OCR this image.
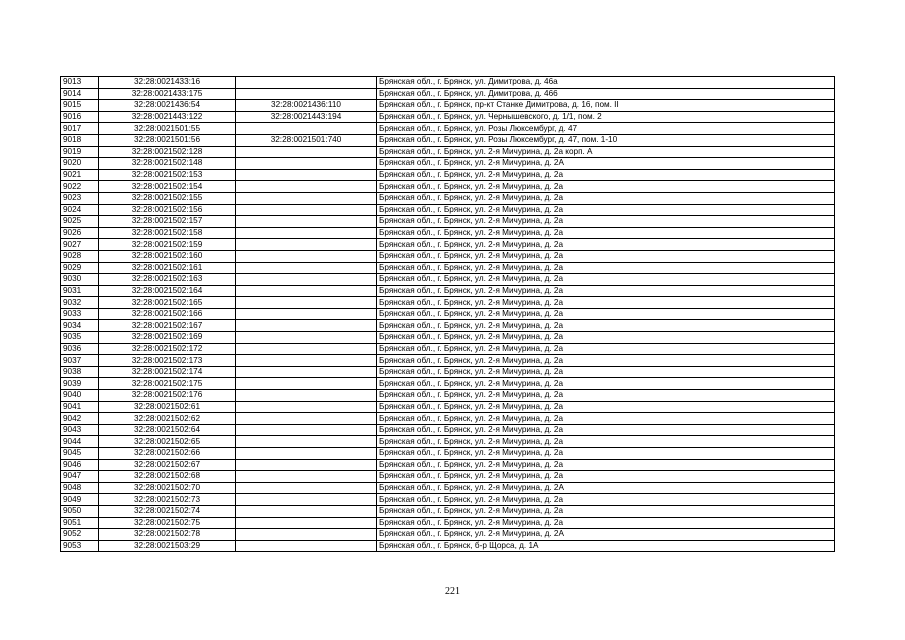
9013	32:28:0021433:16		Брянская обл., г. Брянск, ул. Димитрова, д. 46а
9014	32:28:0021433:175		Брянская обл., г. Брянск, ул. Димитрова, д. 466
9015	32:28:0021436:54	32:28:0021436:110	Брянская обл., г. Брянск, пр-кт Станке Димитрова, д. 16, пом. II
9016	32:28:0021443:122	32:28:0021443:194	Брянская обл., г. Брянск, ул. Чернышевского, д. 1/1, пом. 2
9017	32:28:0021501:55		Брянская обл., г. Брянск, ул. Розы Люксембург, д. 47
9018	32:28:0021501:56	32:28:0021501:740	Брянская обл., г. Брянск, ул. Розы Люксембург, д. 47, пом. 1-10
9019	32:28:0021502:128		Брянская обл., г. Брянск, ул. 2-я Мичурина, д. 2а корп. А
9020	32:28:0021502:148		Брянская обл., г. Брянск, ул. 2-я Мичурина, д. 2А
9021	32:28:0021502:153		Брянская обл., г. Брянск, ул. 2-я Мичурина, д. 2а
9022	32:28:0021502:154		Брянская обл., г. Брянск, ул. 2-я Мичурина, д. 2а
9023	32:28:0021502:155		Брянская обл., г. Брянск, ул. 2-я Мичурина, д. 2а
9024	32:28:0021502:156		Брянская обл., г. Брянск, ул. 2-я Мичурина, д. 2а
9025	32:28:0021502:157		Брянская обл., г. Брянск, ул. 2-я Мичурина, д. 2а
9026	32:28:0021502:158		Брянская обл., г. Брянск, ул. 2-я Мичурина, д. 2а
9027	32:28:0021502:159		Брянская обл., г. Брянск, ул. 2-я Мичурина, д. 2а
9028	32:28:0021502:160		Брянская обл., г. Брянск, ул. 2-я Мичурина, д. 2а
9029	32:28:0021502:161		Брянская обл., г. Брянск, ул. 2-я Мичурина, д. 2а
9030	32:28:0021502:163		Брянская обл., г. Брянск, ул. 2-я Мичурина, д. 2а
9031	32:28:0021502:164		Брянская обл., г. Брянск, ул. 2-я Мичурина, д. 2а
9032	32:28:0021502:165		Брянская обл., г. Брянск, ул. 2-я Мичурина, д. 2а
9033	32:28:0021502:166		Брянская обл., г. Брянск, ул. 2-я Мичурина, д. 2а
9034	32:28:0021502:167		Брянская обл., г. Брянск, ул. 2-я Мичурина, д. 2а
9035	32:28:0021502:169		Брянская обл., г. Брянск, ул. 2-я Мичурина, д. 2а
9036	32:28:0021502:172		Брянская обл., г. Брянск, ул. 2-я Мичурина, д. 2а
9037	32:28:0021502:173		Брянская обл., г. Брянск, ул. 2-я Мичурина, д. 2а
9038	32:28:0021502:174		Брянская обл., г. Брянск, ул. 2-я Мичурина, д. 2а
9039	32:28:0021502:175		Брянская обл., г. Брянск, ул. 2-я Мичурина, д. 2а
9040	32:28:0021502:176		Брянская обл., г. Брянск, ул. 2-я Мичурина, д. 2а
9041	32:28:0021502:61		Брянская обл., г. Брянск, ул. 2-я Мичурина, д. 2а
9042	32:28:0021502:62		Брянская обл., г. Брянск, ул. 2-я Мичурина, д. 2а
9043	32:28:0021502:64		Брянская обл., г. Брянск, ул. 2-я Мичурина, д. 2а
9044	32:28:0021502:65		Брянская обл., г. Брянск, ул. 2-я Мичурина, д. 2а
9045	32:28:0021502:66		Брянская обл., г. Брянск, ул. 2-я Мичурина, д. 2а
9046	32:28:0021502:67		Брянская обл., г. Брянск, ул. 2-я Мичурина, д. 2а
9047	32:28:0021502:68		Брянская обл., г. Брянск, ул. 2-я Мичурина, д. 2а
9048	32:28:0021502:70		Брянская обл., г. Брянск, ул. 2-я Мичурина, д. 2А
9049	32:28:0021502:73		Брянская обл., г. Брянск, ул. 2-я Мичурина, д. 2а
9050	32:28:0021502:74		Брянская обл., г. Брянск, ул. 2-я Мичурина, д. 2а
9051	32:28:0021502:75		Брянская обл., г. Брянск, ул. 2-я Мичурина, д. 2а
9052	32:28:0021502:78		Брянская обл., г. Брянск, ул. 2-я Мичурина, д. 2А
9053	32:28:0021503:29		Брянская обл., г. Брянск, б-р Щорса, д. 1А
221
